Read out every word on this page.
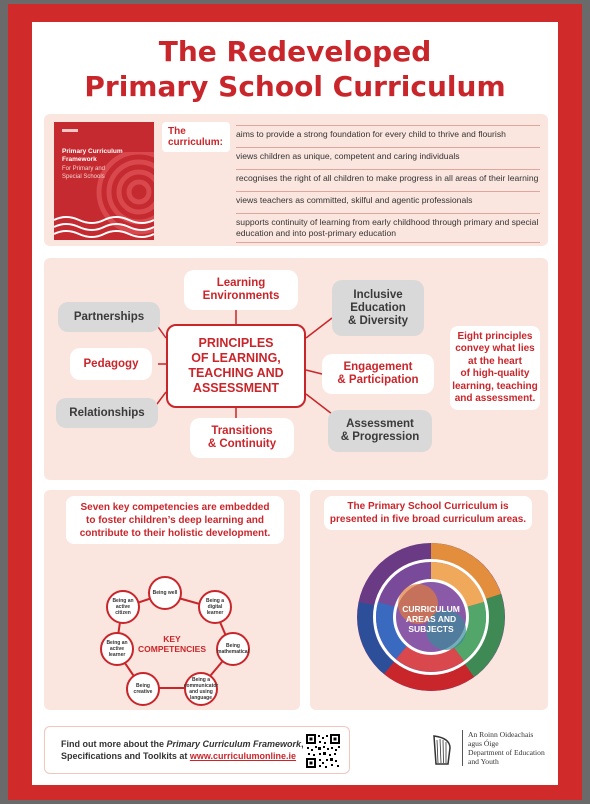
The Redeveloped
Primary School Curriculum
Primary Curriculum
Framework
For Primary and
Special Schools
The
curriculum:
aims to provide a strong foundation for every child to thrive and flourish
views children as unique, competent and caring individuals
recognises the right of all children to make progress in all areas of their learning
views teachers as committed, skilful and agentic professionals
supports continuity of learning from early childhood through primary and special education and into post-primary education
Learning
Environments	Inclusive
Education
& Diversity
Engagement
& Participation
Assessment
& Progression
Transitions
& Continuity
Relationships
Pedagogy
Partnerships
PRINCIPLES
OF LEARNING,
TEACHING AND
ASSESSMENT
Eight principles
convey what lies
at the heart
of high-quality
learning, teaching
and assessment.
Seven key competencies are embedded
to foster children’s deep learning and
contribute to their holistic development.
KEY
COMPETENCIES
Being well
Being a digital learner
Being mathematical
Being a communicator and using language
Being creative
Being an active learner
Being an active citizen
The Primary School Curriculum is
presented in five broad curriculum areas.
CURRICULUM
AREAS AND
SUBJECTS
Find out more about the Primary Curriculum Framework,
Specifications and Toolkits at www.curriculumonline.ie
An Roinn Oideachais
agus Óige
Department of Education
and Youth
